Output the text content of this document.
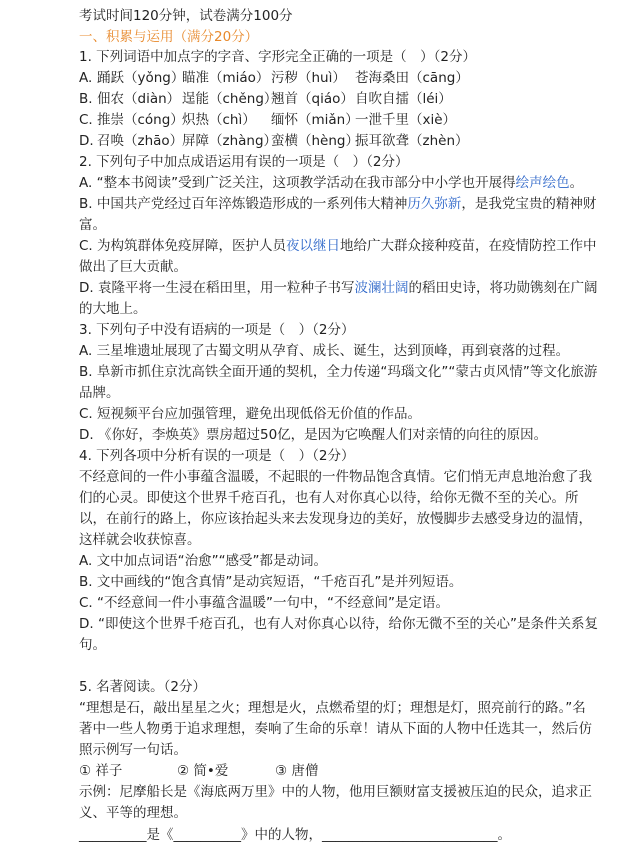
考试时间120分钟，试卷满分100分
一、积累与运用（满分20分）
1. 下列词语中加点字的字音、字形完全正确的一项是（　）（2分）
A. 踊跃（yǒng）瞄准（miáo） 污秽（huì） 苍海桑田（cāng）
B. 佃农（diàn） 逞能（chěng）翘首（qiáo）自吹自擂（léi）
C. 推崇（cóng）炽热（chì） 缅怀（miǎn）一泄千里（xiè）
D. 召唤（zhāo）屏障（zhàng）蛮横（hèng）振耳欲聋（zhèn）
2. 下列句子中加点成语运用有误的一项是（　）（2分）
A. “整本书阅读”受到广泛关注，这项教学活动在我市部分中小学也开展得绘声绘色。
B. 中国共产党经过百年淬炼锻造形成的一系列伟大精神历久弥新，是我党宝贵的精神财
富。
C. 为构筑群体免疫屏障，医护人员夜以继日地给广大群众接种疫苗，在疫情防控工作中
做出了巨大贡献。
D. 袁隆平将一生浸在稻田里，用一粒种子书写波澜壮阔的稻田史诗，将功勋镌刻在广阔
的大地上。
3. 下列句子中没有语病的一项是（　）（2分）
A. 三星堆遗址展现了古蜀文明从孕育、成长、诞生，达到顶峰，再到衰落的过程。
B. 阜新市抓住京沈高铁全面开通的契机，全力传递“玛瑙文化”“蒙古贞风情”等文化旅游
品牌。
C. 短视频平台应加强管理，避免出现低俗无价值的作品。
D. 《你好，李焕英》票房超过50亿，是因为它唤醒人们对亲情的向往的原因。
4. 下列各项中分析有误的一项是（　）（2分）
不经意间的一件小事蕴含温暖，不起眼的一件物品饱含真情。它们悄无声息地治愈了我
们的心灵。即使这个世界千疮百孔，也有人对你真心以待，给你无微不至的关心。所
以，在前行的路上，你应该抬起头来去发现身边的美好，放慢脚步去感受身边的温情，
这样就会收获惊喜。
A. 文中加点词语“治愈”“感受”都是动词。
B. 文中画线的“饱含真情”是动宾短语，“千疮百孔”是并列短语。
C. “不经意间一件小事蕴含温暖”一句中，“不经意间”是定语。
D. “即使这个世界千疮百孔，也有人对你真心以待，给你无微不至的关心”是条件关系复
句。
5. 名著阅读。（2分）
“理想是石，敲出星星之火；理想是火，点燃希望的灯；理想是灯，照亮前行的路。”名
著中一些人物勇于追求理想，奏响了生命的乐章！请从下面的人物中任选其一，然后仿
照示例写一句话。
① 祥子	② 简•爱	③ 唐僧
示例：尼摩船长是《海底两万里》中的人物，他用巨额财富支援被压迫的民众，追求正
义、平等的理想。
__________是《__________》中的人物，__________________________。
